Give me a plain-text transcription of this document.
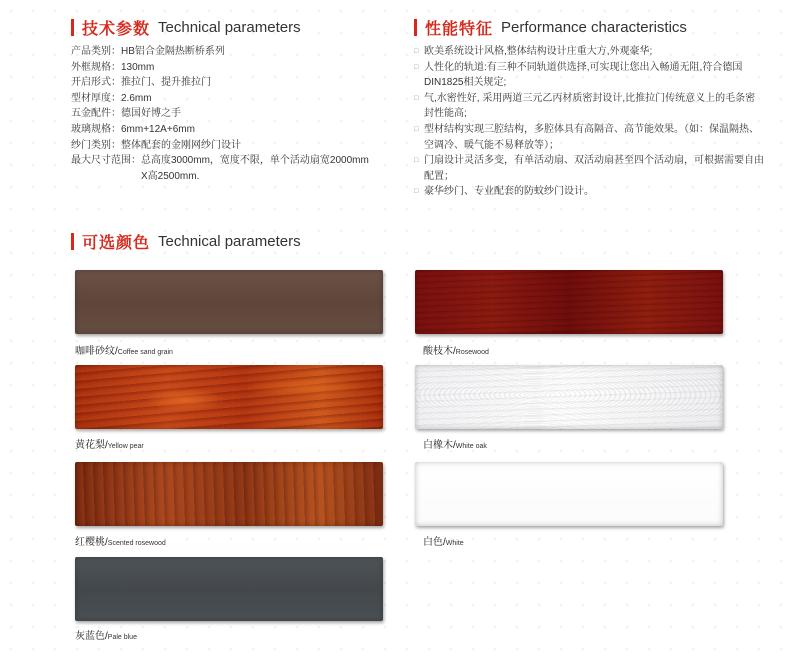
技术参数 Technical parameters
产品类别：HB铝合金隔热断桥系列
外框规格：130mm
开启形式：推拉门、提升推拉门
型材厚度：2.6mm
五金配件：德国好博之手
玻璃规格：6mm+12A+6mm
纱门类别：整体配套的金刚网纱门设计
最大尺寸范围：总高度3000mm，宽度不限，单个活动扇宽2000mm
X高2500mm.
性能特征 Performance characteristics
□ 欧美系统设计风格,整体结构设计庄重大方,外观豪华;
□ 人性化的轨道:有三种不同轨道供选择,可实现让您出入畅通无阻,符合德国DIN1825相关规定;
□ 气,水密性好, 采用两道三元乙丙材质密封设计,比推拉门传统意义上的毛条密封性能高;
□ 型材结构实现三腔结构，多腔体具有高隔音、高节能效果。（如：保温隔热、空调冷、暖气能不易释放等）；
□ 门扇设计灵活多变，有单活动扇、双活动扇甚至四个活动扇，可根据需要自由配置；
□ 豪华纱门、专业配套的防蚊纱门设计。
可选颜色 Technical parameters
咖啡砂纹/Coffee sand grain
黄花梨/Yellow pear
红樱桃/Scented rosewood
灰蓝色/Pale blue
酸枝木/Rosewood
白橡木/White oak
白色/White
